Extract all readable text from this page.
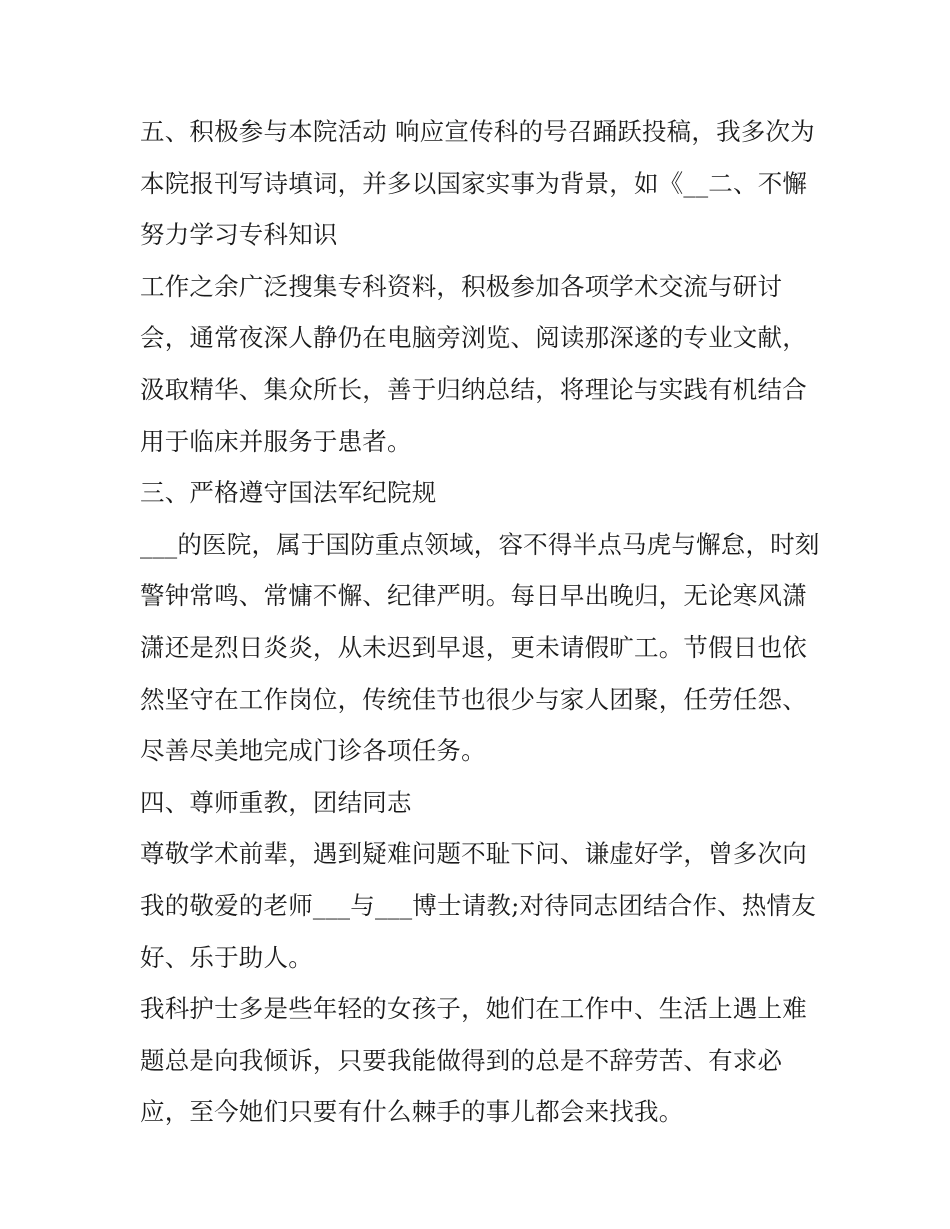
五、积极参与本院活动 响应宣传科的号召踊跃投稿，我多次为本院报刊写诗填词，并多以国家实事为背景，如《__二、不懈努力学习专科知识

工作之余广泛搜集专科资料，积极参加各项学术交流与研讨会，通常夜深人静仍在电脑旁浏览、阅读那深遂的专业文献，汲取精华、集众所长，善于归纳总结，将理论与实践有机结合用于临床并服务于患者。

三、严格遵守国法军纪院规

___的医院，属于国防重点领域，容不得半点马虎与懈怠，时刻警钟常鸣、常慵不懈、纪律严明。每日早出晚归，无论寒风潇潇还是烈日炎炎，从未迟到早退，更未请假旷工。节假日也依然坚守在工作岗位，传统佳节也很少与家人团聚，任劳任怨、尽善尽美地完成门诊各项任务。

四、尊师重教，团结同志

尊敬学术前辈，遇到疑难问题不耻下问、谦虚好学，曾多次向我的敬爱的老师___与___博士请教;对待同志团结合作、热情友好、乐于助人。

我科护士多是些年轻的女孩子，她们在工作中、生活上遇上难题总是向我倾诉，只要我能做得到的总是不辞劳苦、有求必应，至今她们只要有什么棘手的事儿都会来找我。
